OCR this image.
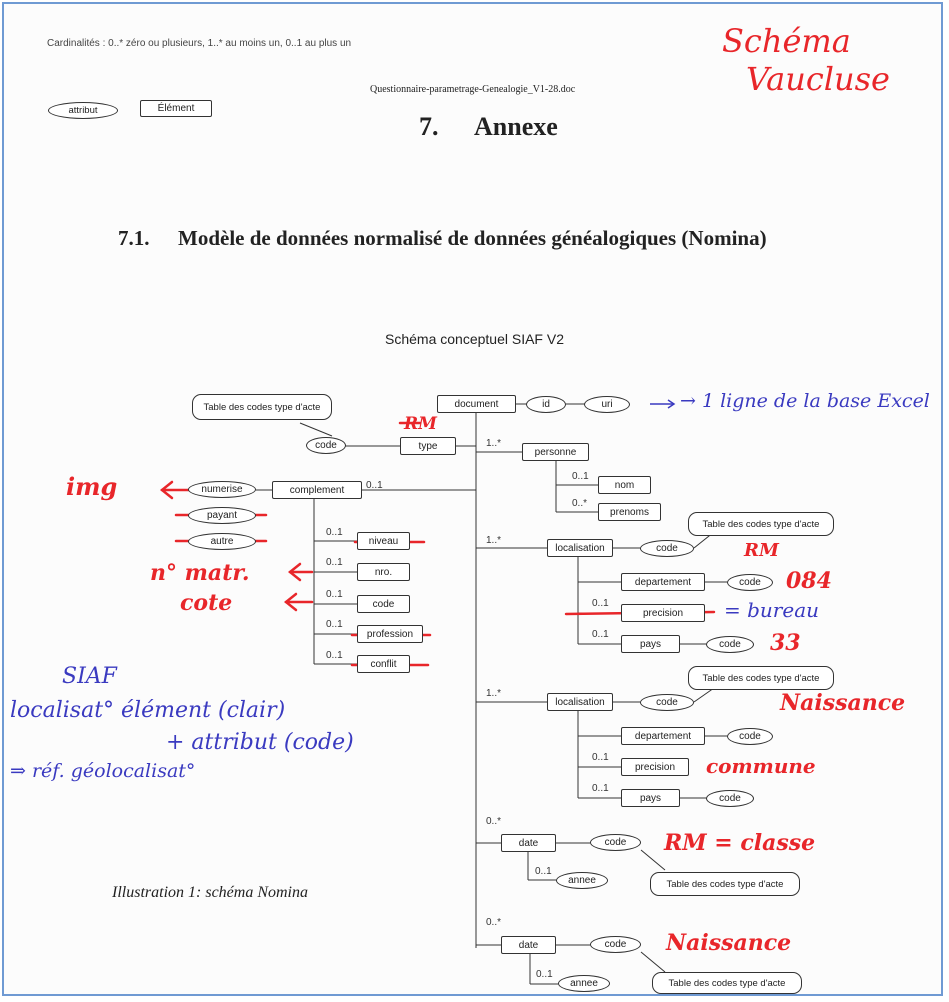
Cardinalités : 0..* zéro ou plusieurs, 1..* au moins un, 0..1 au plus un
Questionnaire-parametrage-Genealogie_V1-28.doc
attribut	Élément
Schéma
Vaucluse
7. Annexe
7.1. Modèle de données normalisé de données généalogiques (Nomina)
Schéma conceptuel SIAF V2
document	id	uri	→ 1 ligne de la base Excel
Table des codes type d'acte
code	type
RM
1..*
personne
0..1
nom
0..*
prenoms
0..1
complement
numerise
payant
autre
img
0..1
niveau
0..1
nro.
0..1
code
0..1
profession
0..1
conflit
n° matr.
cote
1..*
localisation	code
Table des codes type d'acte
RM
departement	code	084
0..1
precision	= bureau
0..1
pays	code	33
1..*
localisation	code
Table des codes type d'acte
Naissance
departement	code
0..1
precision	commune
0..1
pays	code
SIAF
localisat° élément (clair)
+ attribut (code)
⇒ réf. géolocalisat°
0..*
date	code	RM = classe
0..1
annee	Table des codes type d'acte
Illustration 1: schéma Nomina
0..*
date	code	Naissance
0..1
annee	Table des codes type d'acte
